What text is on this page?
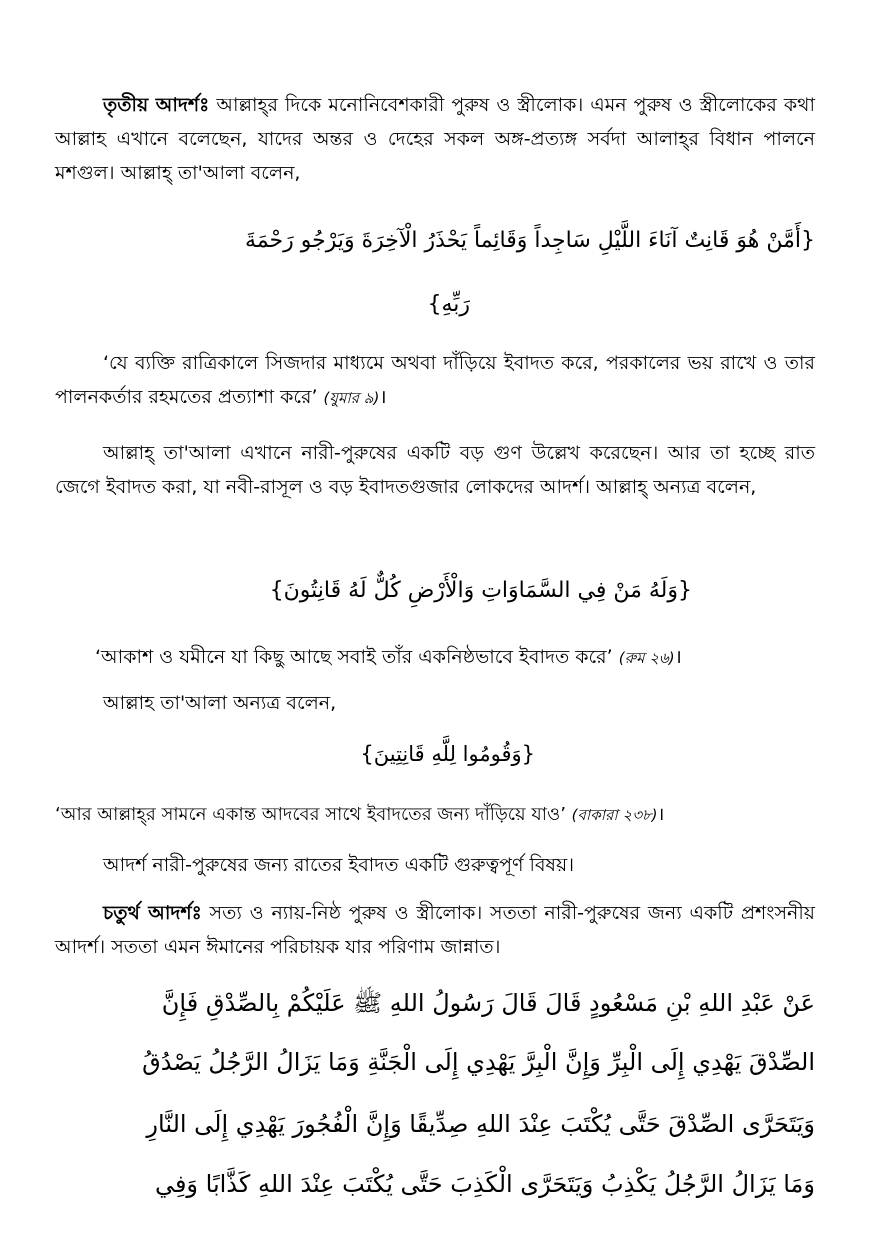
তৃতীয় আদর্শঃ আল্লাহ্‌র দিকে মনোনিবেশকারী পুরুষ ও স্ত্রীলোক। এমন পুরুষ ও স্ত্রীলোকের কথা আল্লাহ এখানে বলেছেন, যাদের অন্তর ও দেহের সকল অঙ্গ-প্রত্যঙ্গ সর্বদা আলাহ্‌র বিধান পালনে মশগুল। আল্লাহ্‌ তা'আলা বলেন,

{أَمَّنْ هُوَ قَانِتٌ آنَاءَ اللَّيْلِ سَاجِداً وَقَائِماً يَحْذَرُ الْآخِرَةَ وَيَرْجُو رَحْمَةَ
رَبِّهِ}

‘যে ব্যক্তি রাত্রিকালে সিজদার মাধ্যমে অথবা দাঁড়িয়ে ইবাদত করে, পরকালের ভয় রাখে ও তার পালনকর্তার রহমতের প্রত্যাশা করে’ (যুমার ৯)।

আল্লাহ্‌ তা'আলা এখানে নারী-পুরুষের একটি বড় গুণ উল্লেখ করেছেন। আর তা হচ্ছে রাত জেগে ইবাদত করা, যা নবী-রাসূল ও বড় ইবাদতগুজার লোকদের আদর্শ। আল্লাহ্‌ অন্যত্র বলেন,

{وَلَهُ مَنْ فِي السَّمَاوَاتِ وَالْأَرْضِ كُلٌّ لَهُ قَانِتُونَ}

‘আকাশ ও যমীনে যা কিছু আছে সবাই তাঁর একনিষ্ঠভাবে ইবাদত করে’ (রুম ২৬)।

আল্লাহ তা'আলা অন্যত্র বলেন,

{وَقُومُوا لِلَّهِ قَانِتِينَ}

‘আর আল্লাহ্‌র সামনে একান্ত আদবের সাথে ইবাদতের জন্য দাঁড়িয়ে যাও’ (বাকারা ২৩৮)।

আদর্শ নারী-পুরুষের জন্য রাতের ইবাদত একটি গুরুত্বপূর্ণ বিষয়।

চতুর্থ আদর্শঃ সত্য ও ন্যায়-নিষ্ঠ পুরুষ ও স্ত্রীলোক। সততা নারী-পুরুষের জন্য একটি প্রশংসনীয় আদর্শ। সততা এমন ঈমানের পরিচায়ক যার পরিণাম জান্নাত।

عَنْ عَبْدِ اللهِ بْنِ مَسْعُودٍ قَالَ قَالَ رَسُولُ اللهِ ﷺ عَلَيْكُمْ بِالصِّدْقِ فَإِنَّ
الصِّدْقَ يَهْدِي إِلَى الْبِرِّ وَإِنَّ الْبِرَّ يَهْدِي إِلَى الْجَنَّةِ وَمَا يَزَالُ الرَّجُلُ يَصْدُقُ
وَيَتَحَرَّى الصِّدْقَ حَتَّى يُكْتَبَ عِنْدَ اللهِ صِدِّيقًا وَإِنَّ الْفُجُورَ يَهْدِي إِلَى النَّارِ
وَمَا يَزَالُ الرَّجُلُ يَكْذِبُ وَيَتَحَرَّى الْكَذِبَ حَتَّى يُكْتَبَ عِنْدَ اللهِ كَذَّابًا وَفِي
